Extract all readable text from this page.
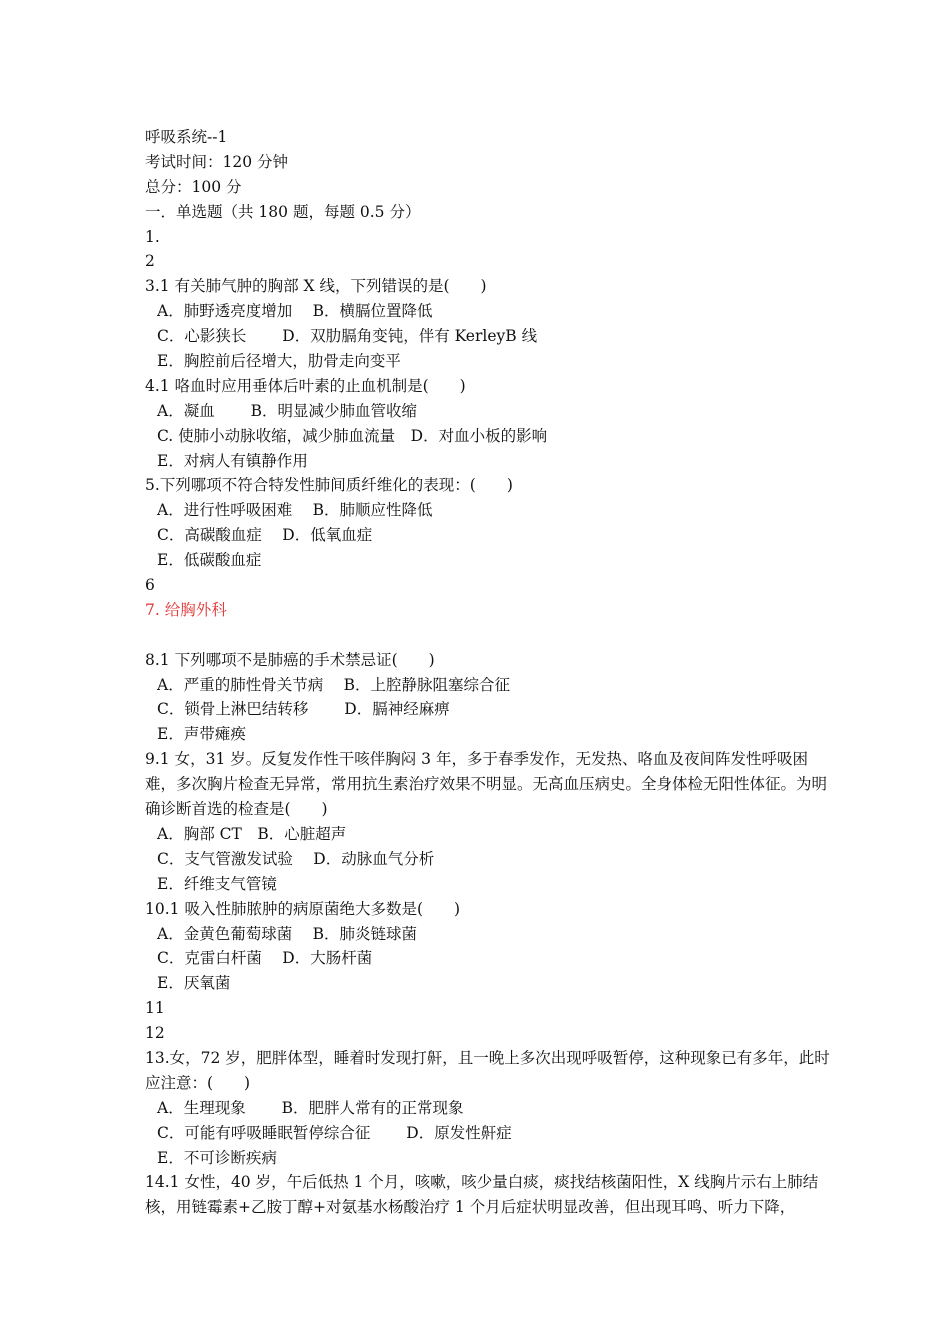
呼吸系统--1
考试时间：120 分钟
总分：100 分
一．单选题（共 180 题，每题 0.5 分）
1.
2
3.1 有关肺气肿的胸部 X 线，下列错误的是(　　)
A．肺野透亮度增加　 B．横膈位置降低
C．心影狭长　　 D．双肋膈角变钝，伴有 KerleyB 线
E．胸腔前后径增大，肋骨走向变平
4.1 咯血时应用垂体后叶素的止血机制是(　　)
A．凝血　　 B．明显减少肺血管收缩
C. 使肺小动脉收缩，减少肺血流量　D．对血小板的影响
E．对病人有镇静作用
5.下列哪项不符合特发性肺间质纤维化的表现：(　　)
A．进行性呼吸困难　 B．肺顺应性降低
C．高碳酸血症　 D．低氧血症
E．低碳酸血症
6
7. 给胸外科
8.1 下列哪项不是肺癌的手术禁忌证(　　)
A．严重的肺性骨关节病　 B．上腔静脉阻塞综合征
C．锁骨上淋巴结转移　　 D．膈神经麻痹
E．声带瘫痪
9.1 女，31 岁。反复发作性干咳伴胸闷 3 年，多于春季发作，无发热、咯血及夜间阵发性呼吸困难，多次胸片检查无异常，常用抗生素治疗效果不明显。无高血压病史。全身体检无阳性体征。为明确诊断首选的检查是(　　)
A．胸部 CT　B．心脏超声
C．支气管激发试验　 D．动脉血气分析
E．纤维支气管镜
10.1 吸入性肺脓肿的病原菌绝大多数是(　　)
A．金黄色葡萄球菌　 B．肺炎链球菌
C．克雷白杆菌　 D．大肠杆菌
E．厌氧菌
11
12
13.女，72 岁，肥胖体型，睡着时发现打鼾，且一晚上多次出现呼吸暂停，这种现象已有多年，此时应注意：(　　)
A．生理现象　　 B．肥胖人常有的正常现象
C．可能有呼吸睡眠暂停综合征　　 D．原发性鼾症
E．不可诊断疾病
14.1 女性，40 岁，午后低热 1 个月，咳嗽，咳少量白痰，痰找结核菌阳性，X 线胸片示右上肺结核，用链霉素+乙胺丁醇+对氨基水杨酸治疗 1 个月后症状明显改善，但出现耳鸣、听力下降，
